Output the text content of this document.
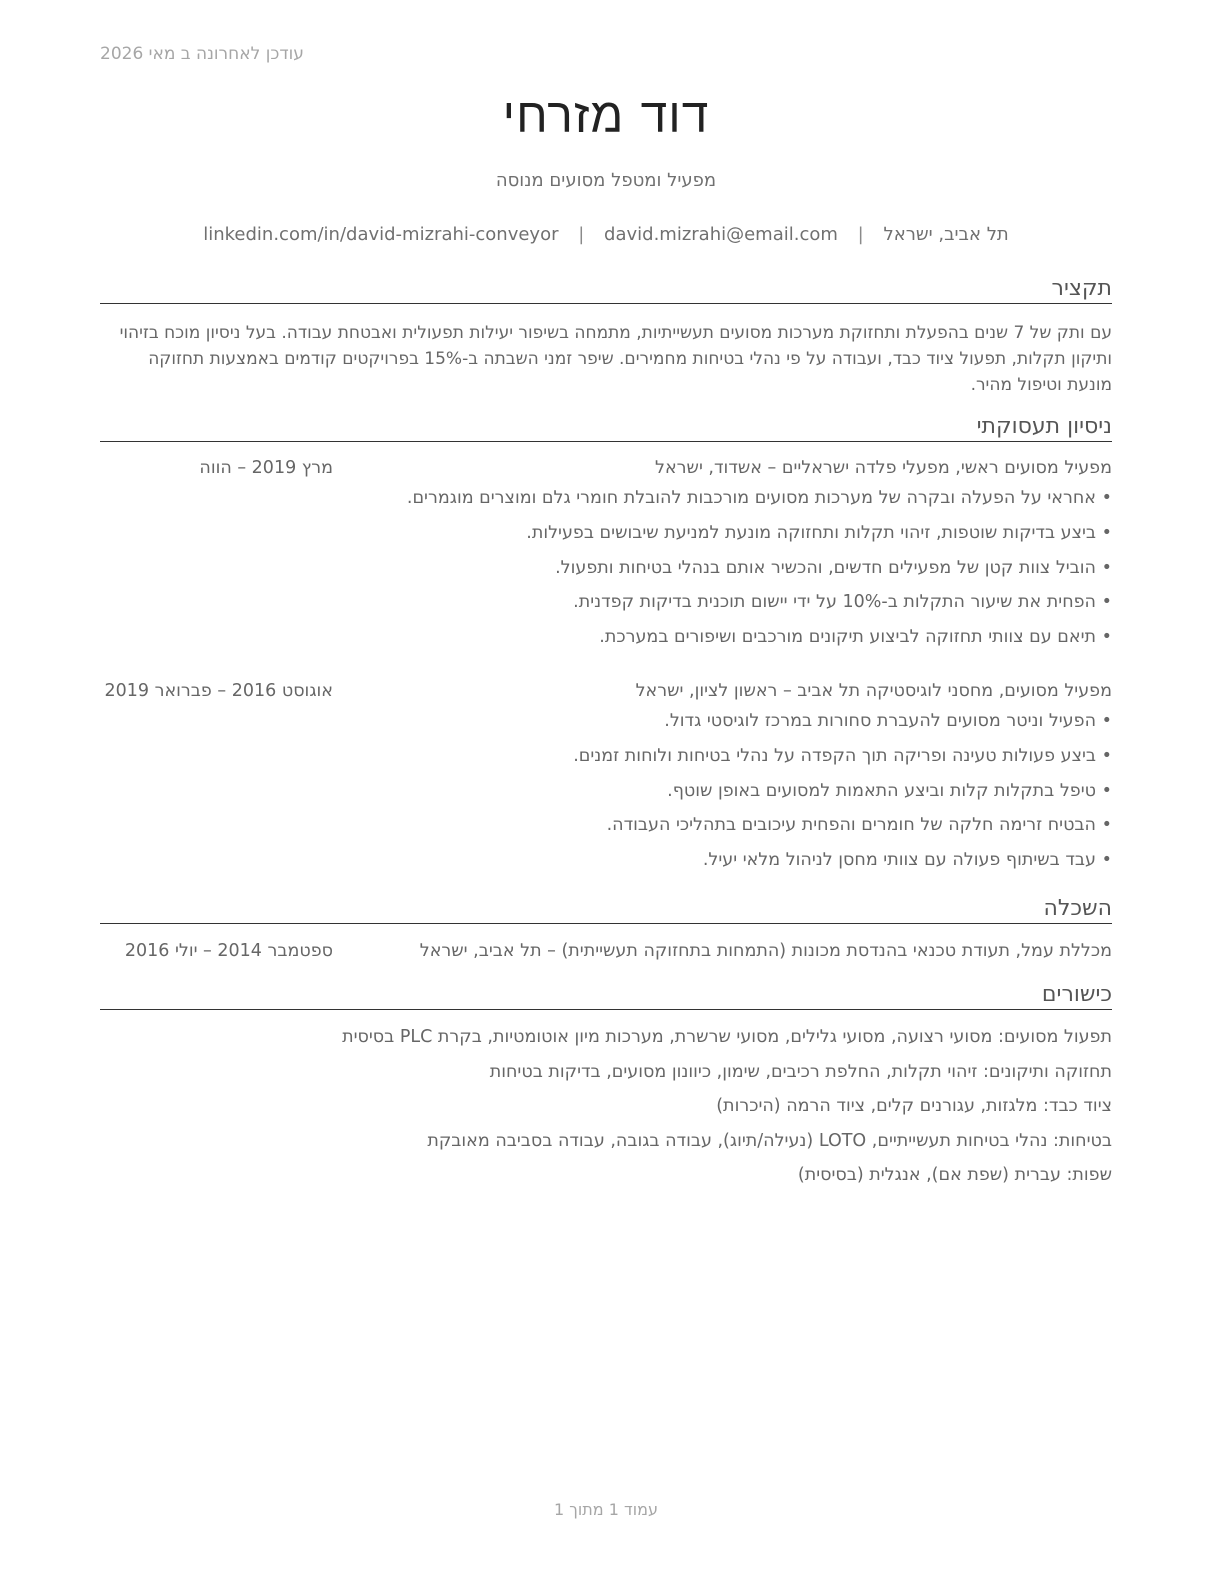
עודכן לאחרונה ב מאי 2026
דוד מזרחי
מפעיל ומטפל מסועים מנוסה
תל אביב, ישראל | david.mizrahi@email.com | linkedin.com/in/david-mizrahi-conveyor
תקציר
עם ותק של 7 שנים בהפעלת ותחזוקת מערכות מסועים תעשייתיות, מתמחה בשיפור יעילות תפעולית ואבטחת עבודה. בעל ניסיון מוכח בזיהוי ותיקון תקלות, תפעול ציוד כבד, ועבודה על פי נהלי בטיחות מחמירים. שיפר זמני השבתה ב-15% בפרויקטים קודמים באמצעות תחזוקה מונעת וטיפול מהיר.
ניסיון תעסוקתי
מפעיל מסועים ראשי, מפעלי פלדה ישראליים – אשדוד, ישראל
מרץ 2019 – הווה
•
אחראי על הפעלה ובקרה של מערכות מסועים מורכבות להובלת חומרי גלם ומוצרים מוגמרים.
•
ביצע בדיקות שוטפות, זיהוי תקלות ותחזוקה מונעת למניעת שיבושים בפעילות.
•
הוביל צוות קטן של מפעילים חדשים, והכשיר אותם בנהלי בטיחות ותפעול.
•
הפחית את שיעור התקלות ב-10% על ידי יישום תוכנית בדיקות קפדנית.
•
תיאם עם צוותי תחזוקה לביצוע תיקונים מורכבים ושיפורים במערכת.
מפעיל מסועים, מחסני לוגיסטיקה תל אביב – ראשון לציון, ישראל
אוגוסט 2016 – פברואר 2019
•
הפעיל וניטר מסועים להעברת סחורות במרכז לוגיסטי גדול.
•
ביצע פעולות טעינה ופריקה תוך הקפדה על נהלי בטיחות ולוחות זמנים.
•
טיפל בתקלות קלות וביצע התאמות למסועים באופן שוטף.
•
הבטיח זרימה חלקה של חומרים והפחית עיכובים בתהליכי העבודה.
•
עבד בשיתוף פעולה עם צוותי מחסן לניהול מלאי יעיל.
השכלה
מכללת עמל, תעודת טכנאי בהנדסת מכונות (התמחות בתחזוקה תעשייתית) – תל אביב, ישראל
ספטמבר 2014 – יולי 2016
כישורים
תפעול מסועים: מסועי רצועה, מסועי גלילים, מסועי שרשרת, מערכות מיון אוטומטיות, בקרת PLC בסיסית
תחזוקה ותיקונים: זיהוי תקלות, החלפת רכיבים, שימון, כיוונון מסועים, בדיקות בטיחות
ציוד כבד: מלגזות, עגורנים קלים, ציוד הרמה (היכרות)
בטיחות: נהלי בטיחות תעשייתיים, LOTO (נעילה/תיוג), עבודה בגובה, עבודה בסביבה מאובקת
שפות: עברית (שפת אם), אנגלית (בסיסית)
עמוד 1 מתוך 1
